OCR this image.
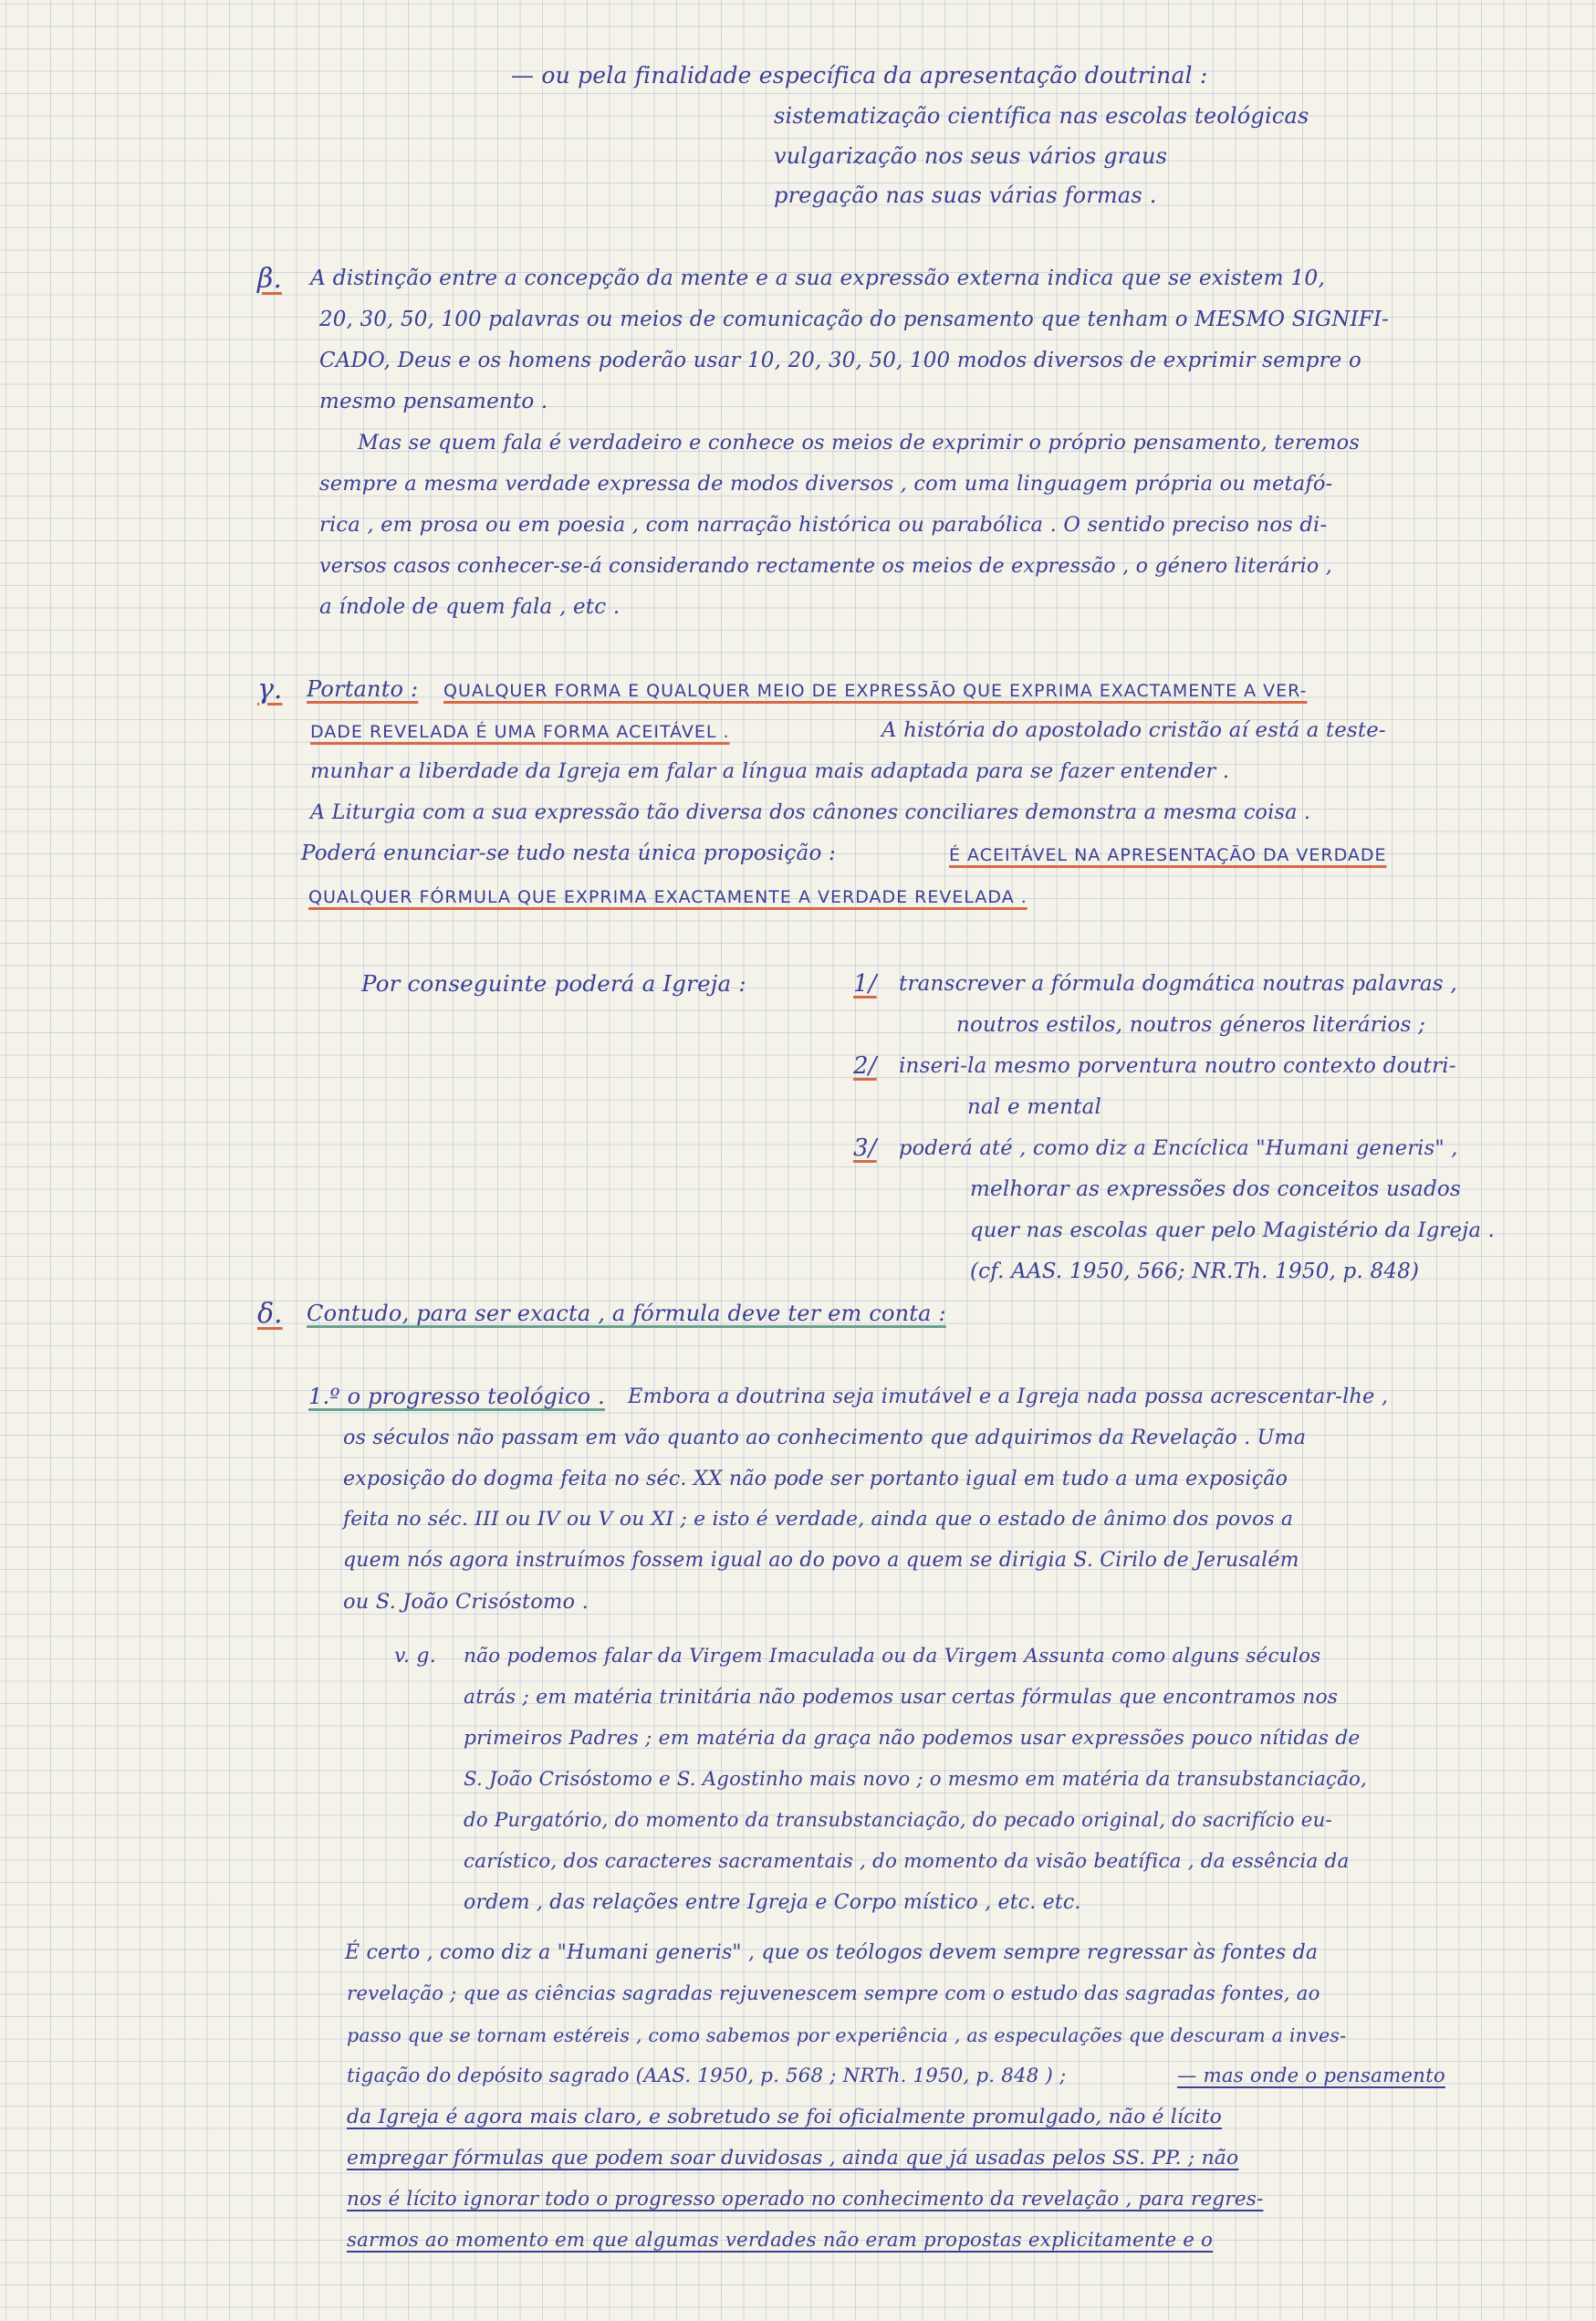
— ou pela finalidade específica da apresentação doutrinal :
sistematização científica nas escolas teológicas
vulgarização nos seus vários graus
pregação nas suas várias formas .
β. A distinção entre a concepção da mente e a sua expressão externa indica que se existem 10,
20, 30, 50, 100 palavras ou meios de comunicação do pensamento que tenham o MESMO SIGNIFI-
CADO, Deus e os homens poderão usar 10, 20, 30, 50, 100 modos diversos de exprimir sempre o
mesmo pensamento .
Mas se quem fala é verdadeiro e conhece os meios de exprimir o próprio pensamento, teremos
sempre a mesma verdade expressa de modos diversos , com uma linguagem própria ou metafó-
rica , em prosa ou em poesia , com narração histórica ou parabólica . O sentido preciso nos di-
versos casos conhecer-se-á considerando rectamente os meios de expressão , o género literário ,
a índole de quem fala , etc .
γ. Portanto : QUALQUER FORMA E QUALQUER MEIO DE EXPRESSÃO QUE EXPRIMA EXACTAMENTE A VER-
DADE REVELADA É UMA FORMA ACEITÁVEL .	A história do apostolado cristão aí está a teste-
munhar a liberdade da Igreja em falar a língua mais adaptada para se fazer entender .
A Liturgia com a sua expressão tão diversa dos cânones conciliares demonstra a mesma coisa .
Poderá enunciar-se tudo nesta única proposição :	É ACEITÁVEL NA APRESENTAÇÃO DA VERDADE
QUALQUER FÓRMULA QUE EXPRIMA EXACTAMENTE A VERDADE REVELADA .
Por conseguinte poderá a Igreja :	1/ transcrever a fórmula dogmática noutras palavras ,
noutros estilos, noutros géneros literários ;
2/ inseri-la mesmo porventura noutro contexto doutri-
nal e mental
3/ poderá até , como diz a Encíclica "Humani generis" ,
melhorar as expressões dos conceitos usados
quer nas escolas quer pelo Magistério da Igreja .
(cf. AAS. 1950, 566; NR.Th. 1950, p. 848)
δ. Contudo, para ser exacta , a fórmula deve ter em conta :
1.º o progresso teológico . Embora a doutrina seja imutável e a Igreja nada possa acrescentar-lhe ,
os séculos não passam em vão quanto ao conhecimento que adquirimos da Revelação . Uma
exposição do dogma feita no séc. XX não pode ser portanto igual em tudo a uma exposição
feita no séc. III ou IV ou V ou XI ; e isto é verdade, ainda que o estado de ânimo dos povos a
quem nós agora instruímos fossem igual ao do povo a quem se dirigia S. Cirilo de Jerusalém
ou S. João Crisóstomo .
v. g. não podemos falar da Virgem Imaculada ou da Virgem Assunta como alguns séculos
atrás ; em matéria trinitária não podemos usar certas fórmulas que encontramos nos
primeiros Padres ; em matéria da graça não podemos usar expressões pouco nítidas de
S. João Crisóstomo e S. Agostinho mais novo ; o mesmo em matéria da transubstanciação,
do Purgatório, do momento da transubstanciação, do pecado original, do sacrifício eu-
carístico, dos caracteres sacramentais , do momento da visão beatífica , da essência da
ordem , das relações entre Igreja e Corpo místico , etc. etc.
É certo , como diz a "Humani generis" , que os teólogos devem sempre regressar às fontes da
revelação ; que as ciências sagradas rejuvenescem sempre com o estudo das sagradas fontes, ao
passo que se tornam estéreis , como sabemos por experiência , as especulações que descuram a inves-
tigação do depósito sagrado (AAS. 1950, p. 568 ; NRTh. 1950, p. 848 ) ;	— mas onde o pensamento
da Igreja é agora mais claro, e sobretudo se foi oficialmente promulgado, não é lícito
empregar fórmulas que podem soar duvidosas , ainda que já usadas pelos SS. PP. ; não
nos é lícito ignorar todo o progresso operado no conhecimento da revelação , para regres-
sarmos ao momento em que algumas verdades não eram propostas explicitamente e o
